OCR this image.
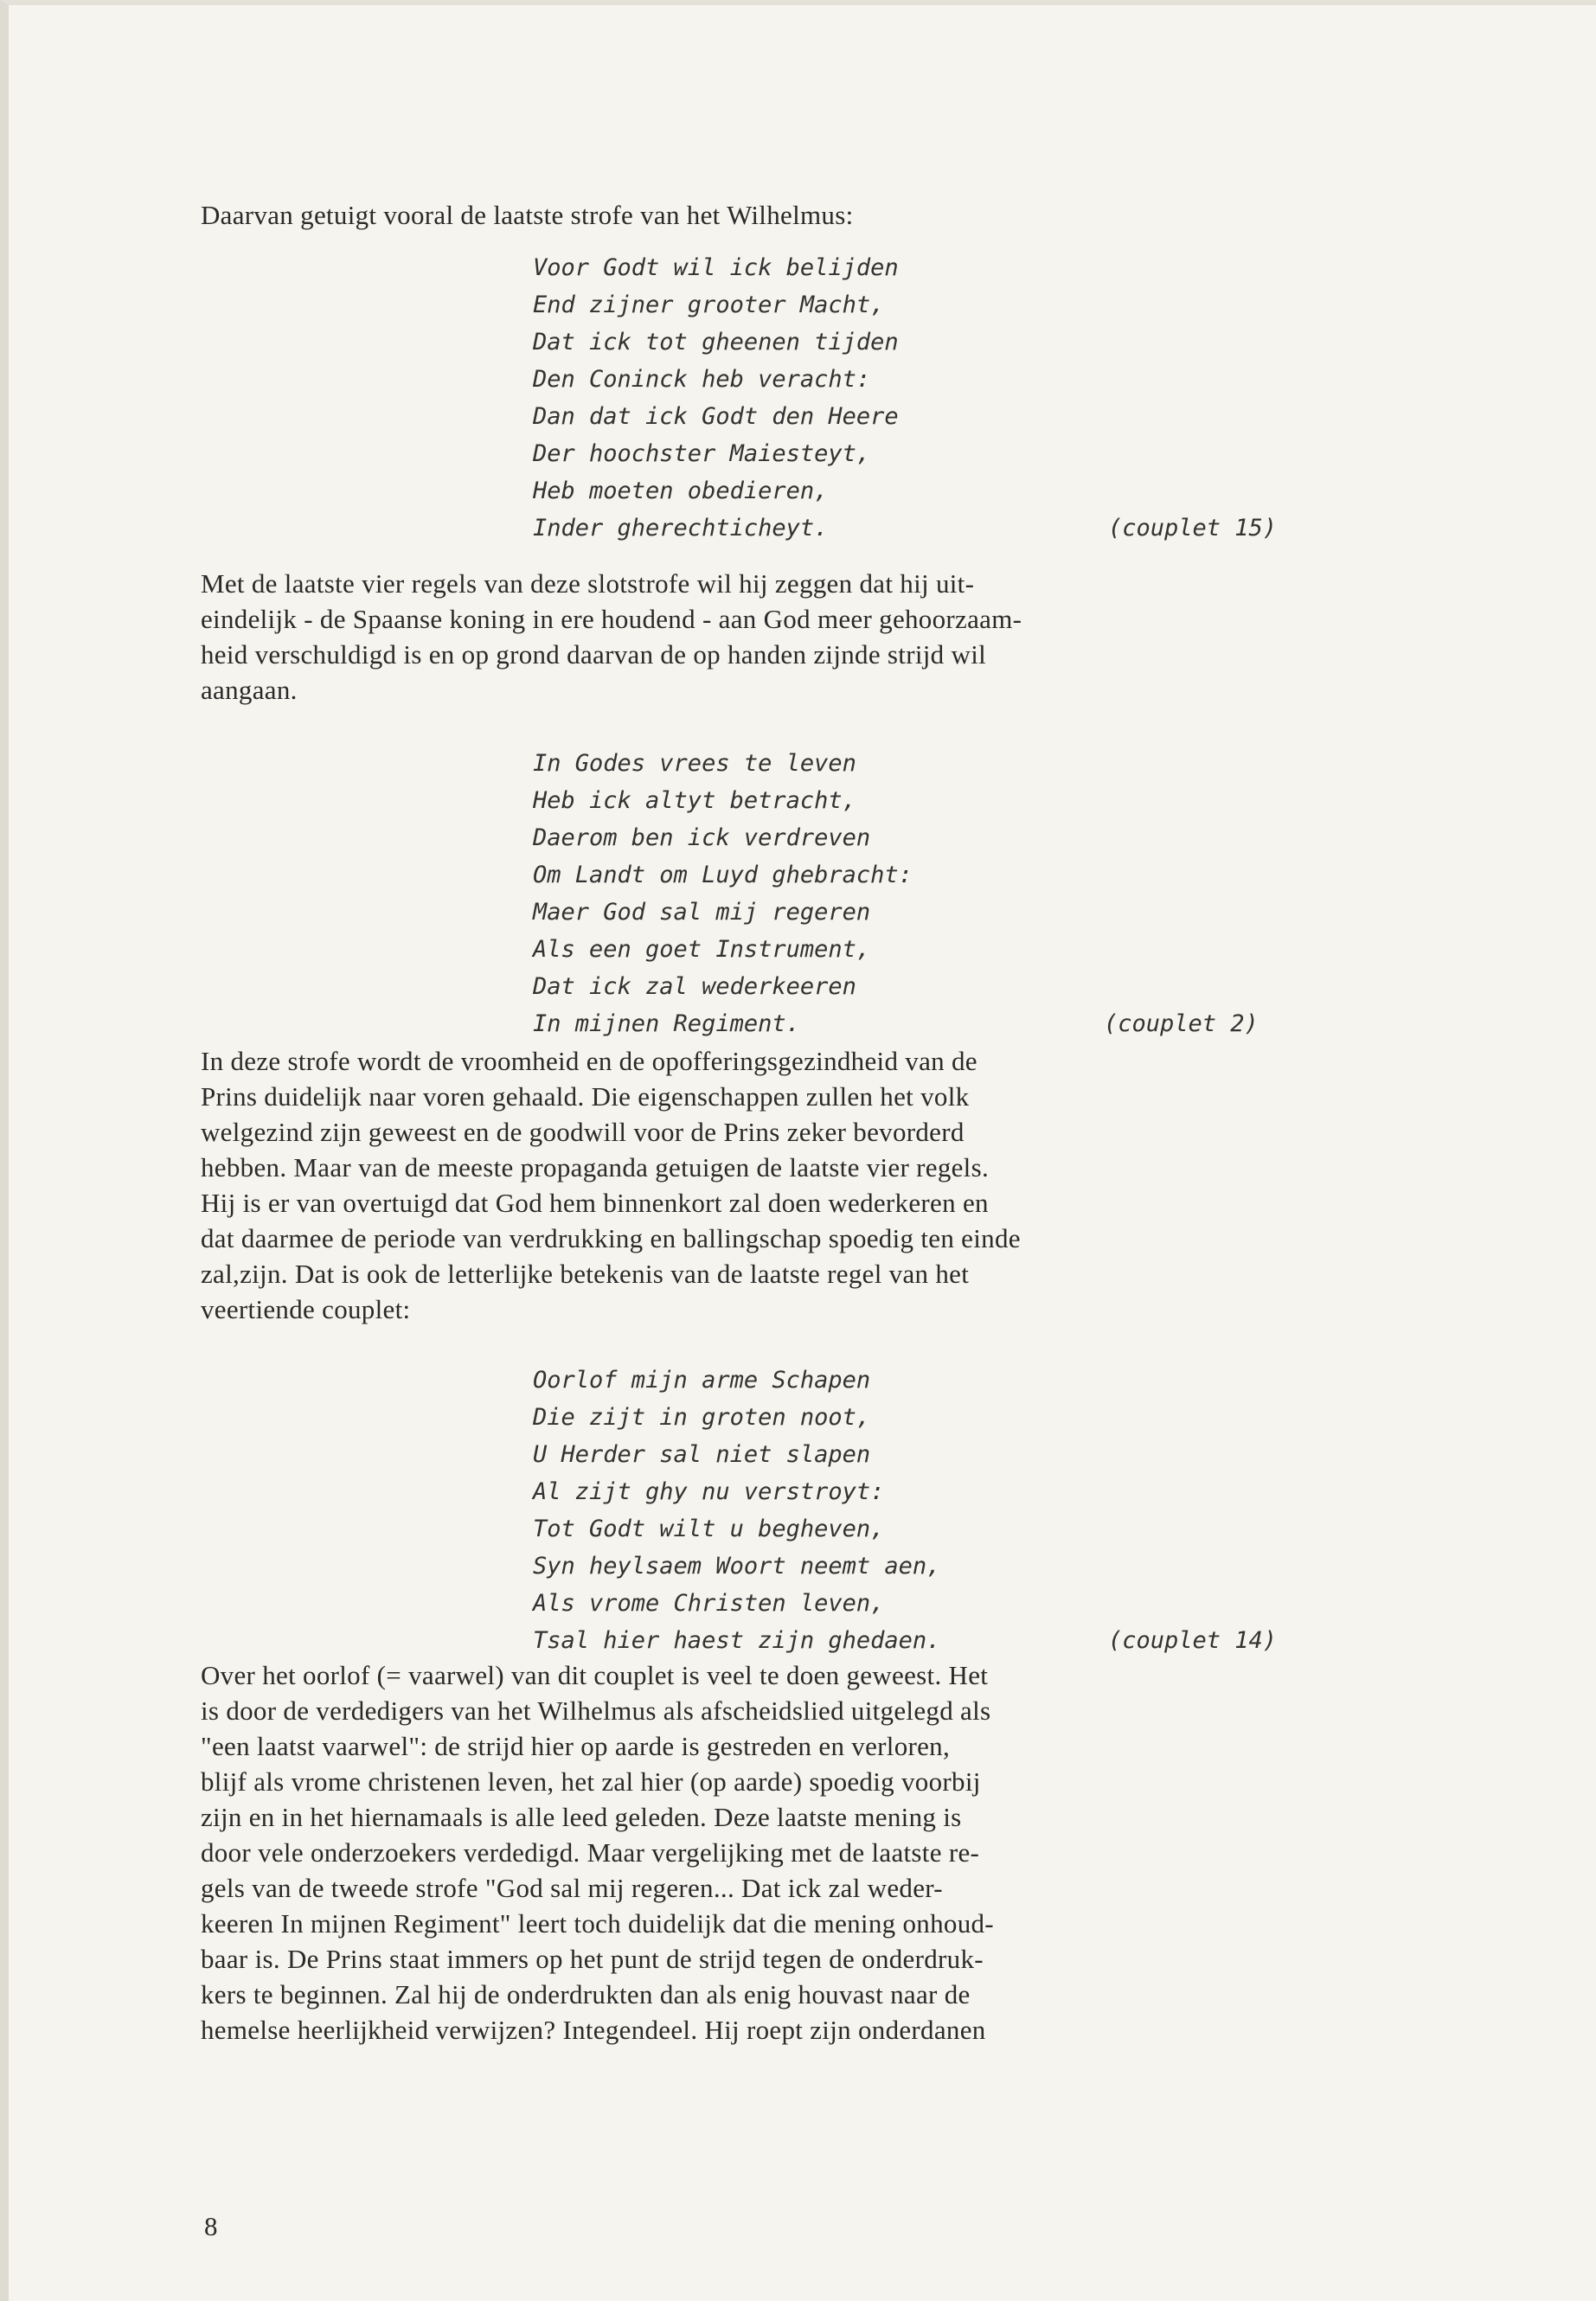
Daarvan getuigt vooral de laatste strofe van het Wilhelmus:

Voor Godt wil ick belijden
End zijner grooter Macht,
Dat ick tot gheenen tijden
Den Coninck heb veracht:
Dan dat ick Godt den Heere
Der hoochster Maiesteyt,
Heb moeten obedieren,
Inder gherechticheyt.	(couplet 15)

Met de laatste vier regels van deze slotstrofe wil hij zeggen dat hij uit-
eindelijk - de Spaanse koning in ere houdend - aan God meer gehoorzaam-
heid verschuldigd is en op grond daarvan de op handen zijnde strijd wil
aangaan.

In Godes vrees te leven
Heb ick altyt betracht,
Daerom ben ick verdreven
Om Landt om Luyd ghebracht:
Maer God sal mij regeren
Als een goet Instrument,
Dat ick zal wederkeeren
In mijnen Regiment.	(couplet 2)

In deze strofe wordt de vroomheid en de opofferingsgezindheid van de
Prins duidelijk naar voren gehaald. Die eigenschappen zullen het volk
welgezind zijn geweest en de goodwill voor de Prins zeker bevorderd
hebben. Maar van de meeste propaganda getuigen de laatste vier regels.
Hij is er van overtuigd dat God hem binnenkort zal doen wederkeren en
dat daarmee de periode van verdrukking en ballingschap spoedig ten einde
zal,zijn. Dat is ook de letterlijke betekenis van de laatste regel van het
veertiende couplet:

Oorlof mijn arme Schapen
Die zijt in groten noot,
U Herder sal niet slapen
Al zijt ghy nu verstroyt:
Tot Godt wilt u begheven,
Syn heylsaem Woort neemt aen,
Als vrome Christen leven,
Tsal hier haest zijn ghedaen.	(couplet 14)

Over het oorlof (= vaarwel) van dit couplet is veel te doen geweest. Het
is door de verdedigers van het Wilhelmus als afscheidslied uitgelegd als
"een laatst vaarwel": de strijd hier op aarde is gestreden en verloren,
blijf als vrome christenen leven, het zal hier (op aarde) spoedig voorbij
zijn en in het hiernamaals is alle leed geleden. Deze laatste mening is
door vele onderzoekers verdedigd. Maar vergelijking met de laatste re-
gels van de tweede strofe "God sal mij regeren... Dat ick zal weder-
keeren In mijnen Regiment" leert toch duidelijk dat die mening onhoud-
baar is. De Prins staat immers op het punt de strijd tegen de onderdruk-
kers te beginnen. Zal hij de onderdrukten dan als enig houvast naar de
hemelse heerlijkheid verwijzen? Integendeel. Hij roept zijn onderdanen

8
